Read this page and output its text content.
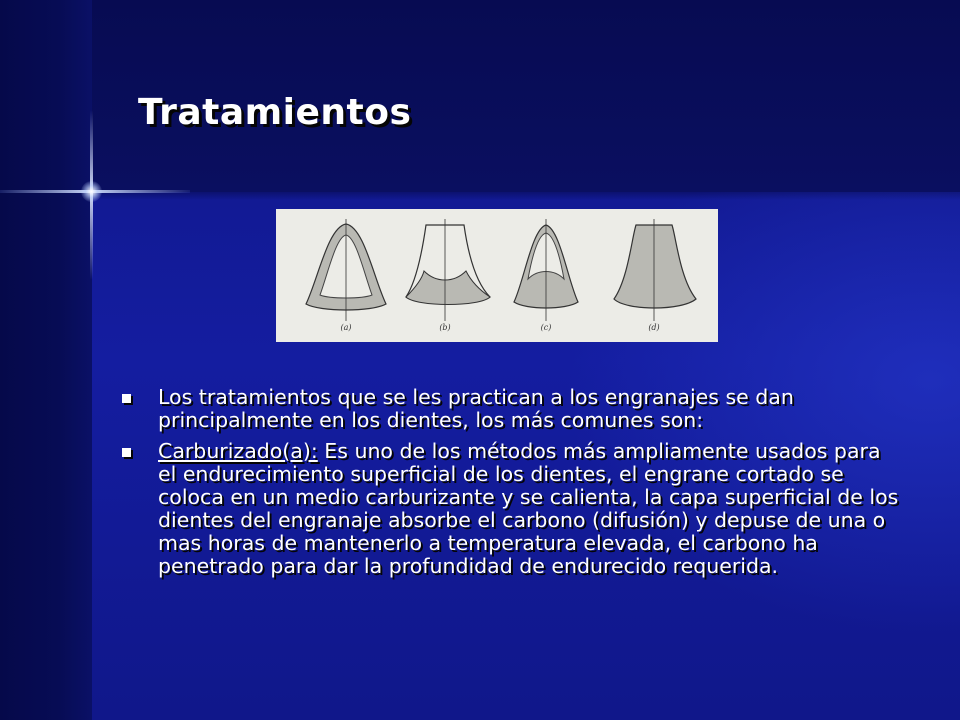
Tratamientos
(a)	(b)	(c)	(d)
Los tratamientos que se les practican a los engranajes se dan principalmente en los dientes, los más comunes son:
Carburizado(a): Es uno de los métodos más ampliamente usados para el endurecimiento superficial de los dientes, el engrane cortado se coloca en un medio carburizante y se calienta, la capa superficial de los dientes del engranaje absorbe el carbono (difusión) y depuse de una o mas horas de mantenerlo a temperatura elevada, el carbono ha penetrado para dar la profundidad de endurecido requerida.
